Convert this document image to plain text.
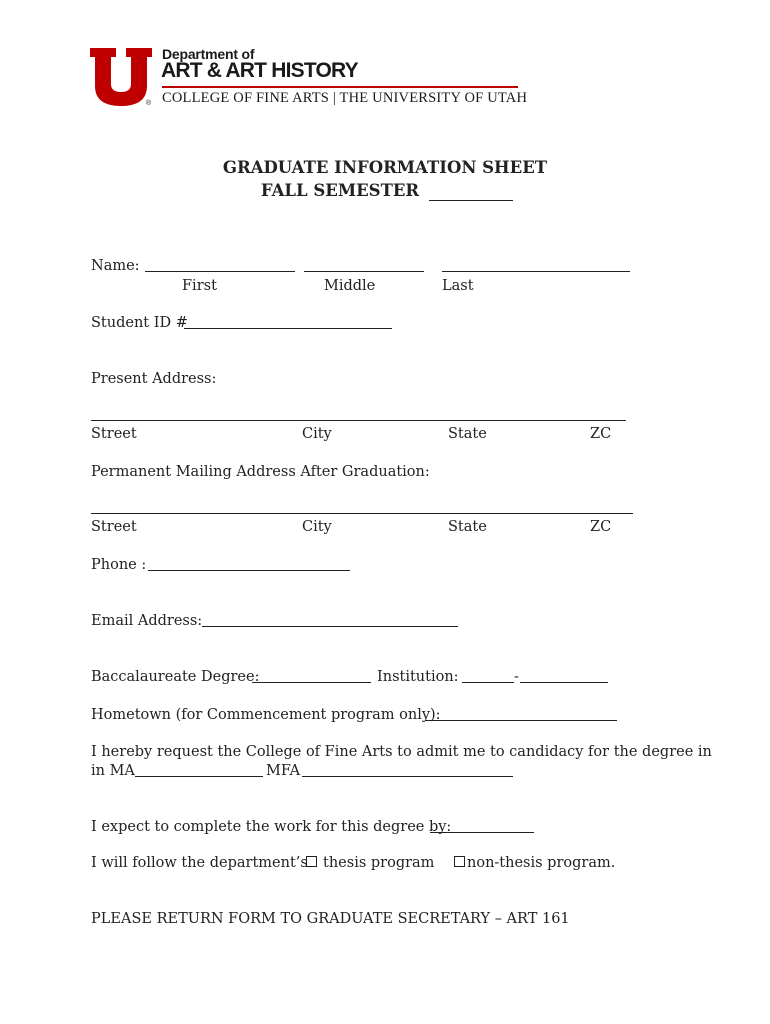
®
Department of
ART & ART HISTORY
COLLEGE OF FINE ARTS | THE UNIVERSITY OF UTAH
GRADUATE INFORMATION SHEET
FALL SEMESTER
Name:
First	Middle	Last
Student ID #
Present Address:
Street	City	State	ZC
Permanent Mailing Address After Graduation:
Street	City	State	ZC
Phone :
Email Address:
Baccalaureate Degree:	Institution:	-
Hometown (for Commencement program only):
I hereby request the College of Fine Arts to admit me to candidacy for the degree in
in MA	MFA
I expect to complete the work for this degree by:
I will follow the department’s	thesis program	non-thesis program.
PLEASE RETURN FORM TO GRADUATE SECRETARY – ART 161
